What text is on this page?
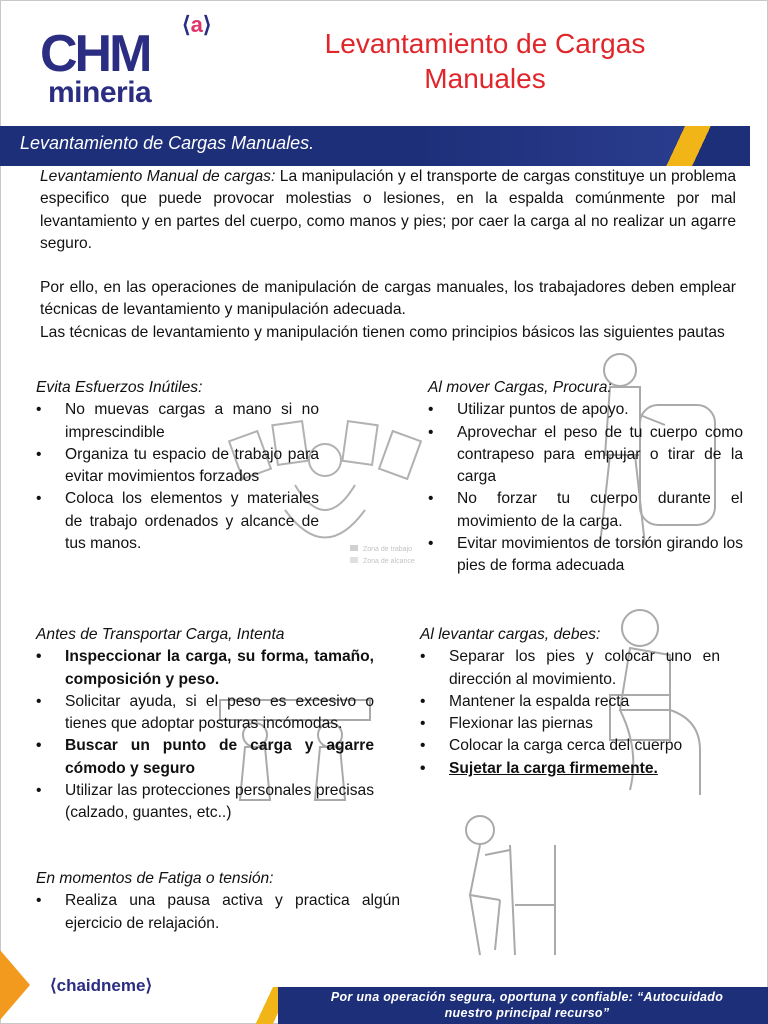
⟨a⟩
CHM
mineria
Levantamiento de Cargas
Manuales
Levantamiento de Cargas Manuales.

Levantamiento Manual de cargas: La manipulación y el transporte de cargas constituye un problema especifico que puede provocar molestias o lesiones, en la espalda comúnmente por mal levantamiento y en partes del cuerpo, como manos y pies; por caer la carga al no realizar un agarre seguro.

Por ello, en las operaciones de manipulación de cargas manuales, los trabajadores deben emplear técnicas de levantamiento y manipulación adecuada.

Las técnicas de levantamiento y manipulación tienen como principios básicos las siguientes pautas

Zona de trabajo
Zona de alcance
Evita Esfuerzos Inútiles:
• No muevas cargas a mano si no imprescindible
• Organiza tu espacio de trabajo para evitar movimientos forzados
• Coloca los elementos y materiales de trabajo ordenados y alcance de tus manos.
Al mover Cargas, Procura:
• Utilizar puntos de apoyo.
• Aprovechar el peso de tu cuerpo como contrapeso para empujar o tirar de la carga
• No forzar tu cuerpo durante el movimiento de la carga.
• Evitar movimientos de torsión girando los pies de forma adecuada
Antes de Transportar Carga, Intenta
• Inspeccionar la carga, su forma, tamaño, composición y peso.
• Solicitar ayuda, si el peso es excesivo o tienes que adoptar posturas incómodas.
• Buscar un punto de carga y agarre cómodo y seguro
• Utilizar las protecciones personales precisas (calzado, guantes, etc..)
Al levantar cargas, debes:
• Separar los pies y colocar uno en dirección al movimiento.
• Mantener la espalda recta
• Flexionar las piernas
• Colocar la carga cerca del cuerpo
• Sujetar la carga firmemente.
En momentos de Fatiga o tensión:
• Realiza una pausa activa y practica algún ejercicio de relajación.
⟨chaidneme⟩
Por una operación segura, oportuna y confiable: “Autocuidado
nuestro principal recurso”
